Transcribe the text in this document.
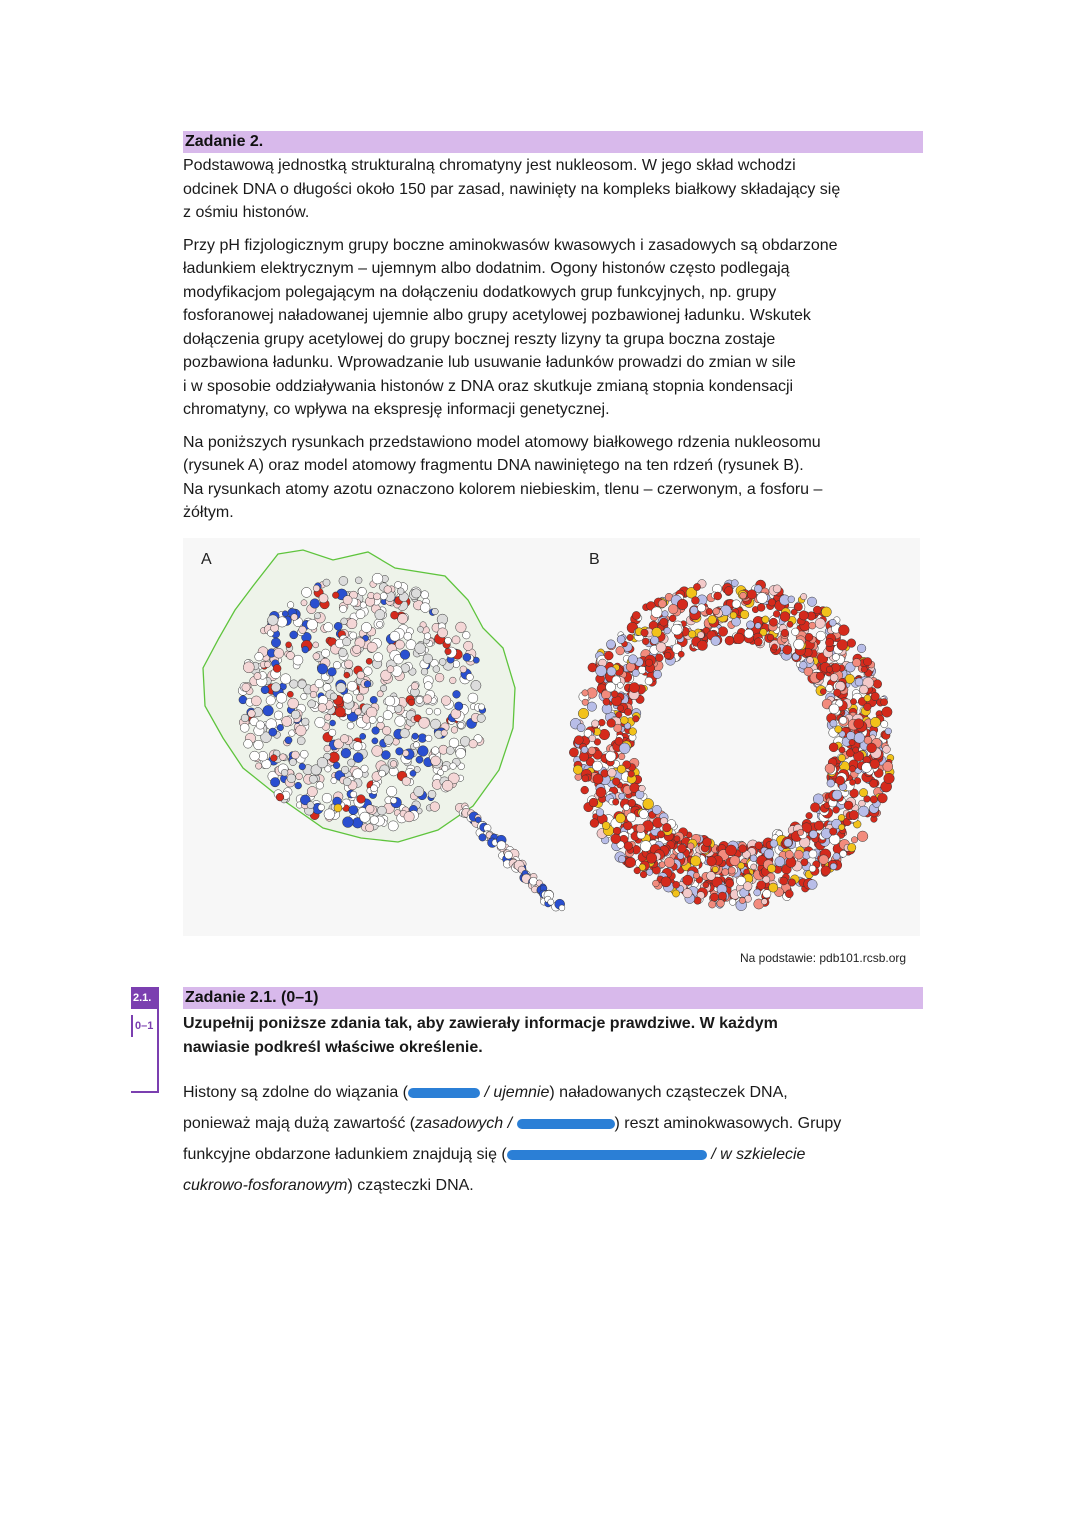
Zadanie 2.
Podstawową jednostką strukturalną chromatyny jest nukleosom. W jego skład wchodzi
odcinek DNA o długości około 150 par zasad, nawinięty na kompleks białkowy składający się
z ośmiu histonów.
Przy pH fizjologicznym grupy boczne aminokwasów kwasowych i zasadowych są obdarzone
ładunkiem elektrycznym – ujemnym albo dodatnim. Ogony histonów często podlegają
modyfikacjom polegającym na dołączeniu dodatkowych grup funkcyjnych, np. grupy
fosforanowej naładowanej ujemnie albo grupy acetylowej pozbawionej ładunku. Wskutek
dołączenia grupy acetylowej do grupy bocznej reszty lizyny ta grupa boczna zostaje
pozbawiona ładunku. Wprowadzanie lub usuwanie ładunków prowadzi do zmian w sile
i w sposobie oddziaływania histonów z DNA oraz skutkuje zmianą stopnia kondensacji
chromatyny, co wpływa na ekspresję informacji genetycznej.
Na poniższych rysunkach przedstawiono model atomowy białkowego rdzenia nukleosomu
(rysunek A) oraz model atomowy fragmentu DNA nawiniętego na ten rdzeń (rysunek B).
Na rysunkach atomy azotu oznaczono kolorem niebieskim, tlenu – czerwonym, a fosforu –
żółtym.
A	B
Na podstawie: pdb101.rcsb.org
2.1.
0–1
Zadanie 2.1. (0–1)
Uzupełnij poniższe zdania tak, aby zawierały informacje prawdziwe. W każdym
nawiasie podkreśl właściwe określenie.
Histony są zdolne do wiązania (	/ ujemnie) naładowanych cząsteczek DNA,
ponieważ mają dużą zawartość (zasadowych /	) reszt aminokwasowych. Grupy
funkcyjne obdarzone ładunkiem znajdują się (	/ w szkielecie
cukrowo-fosforanowym) cząsteczki DNA.
